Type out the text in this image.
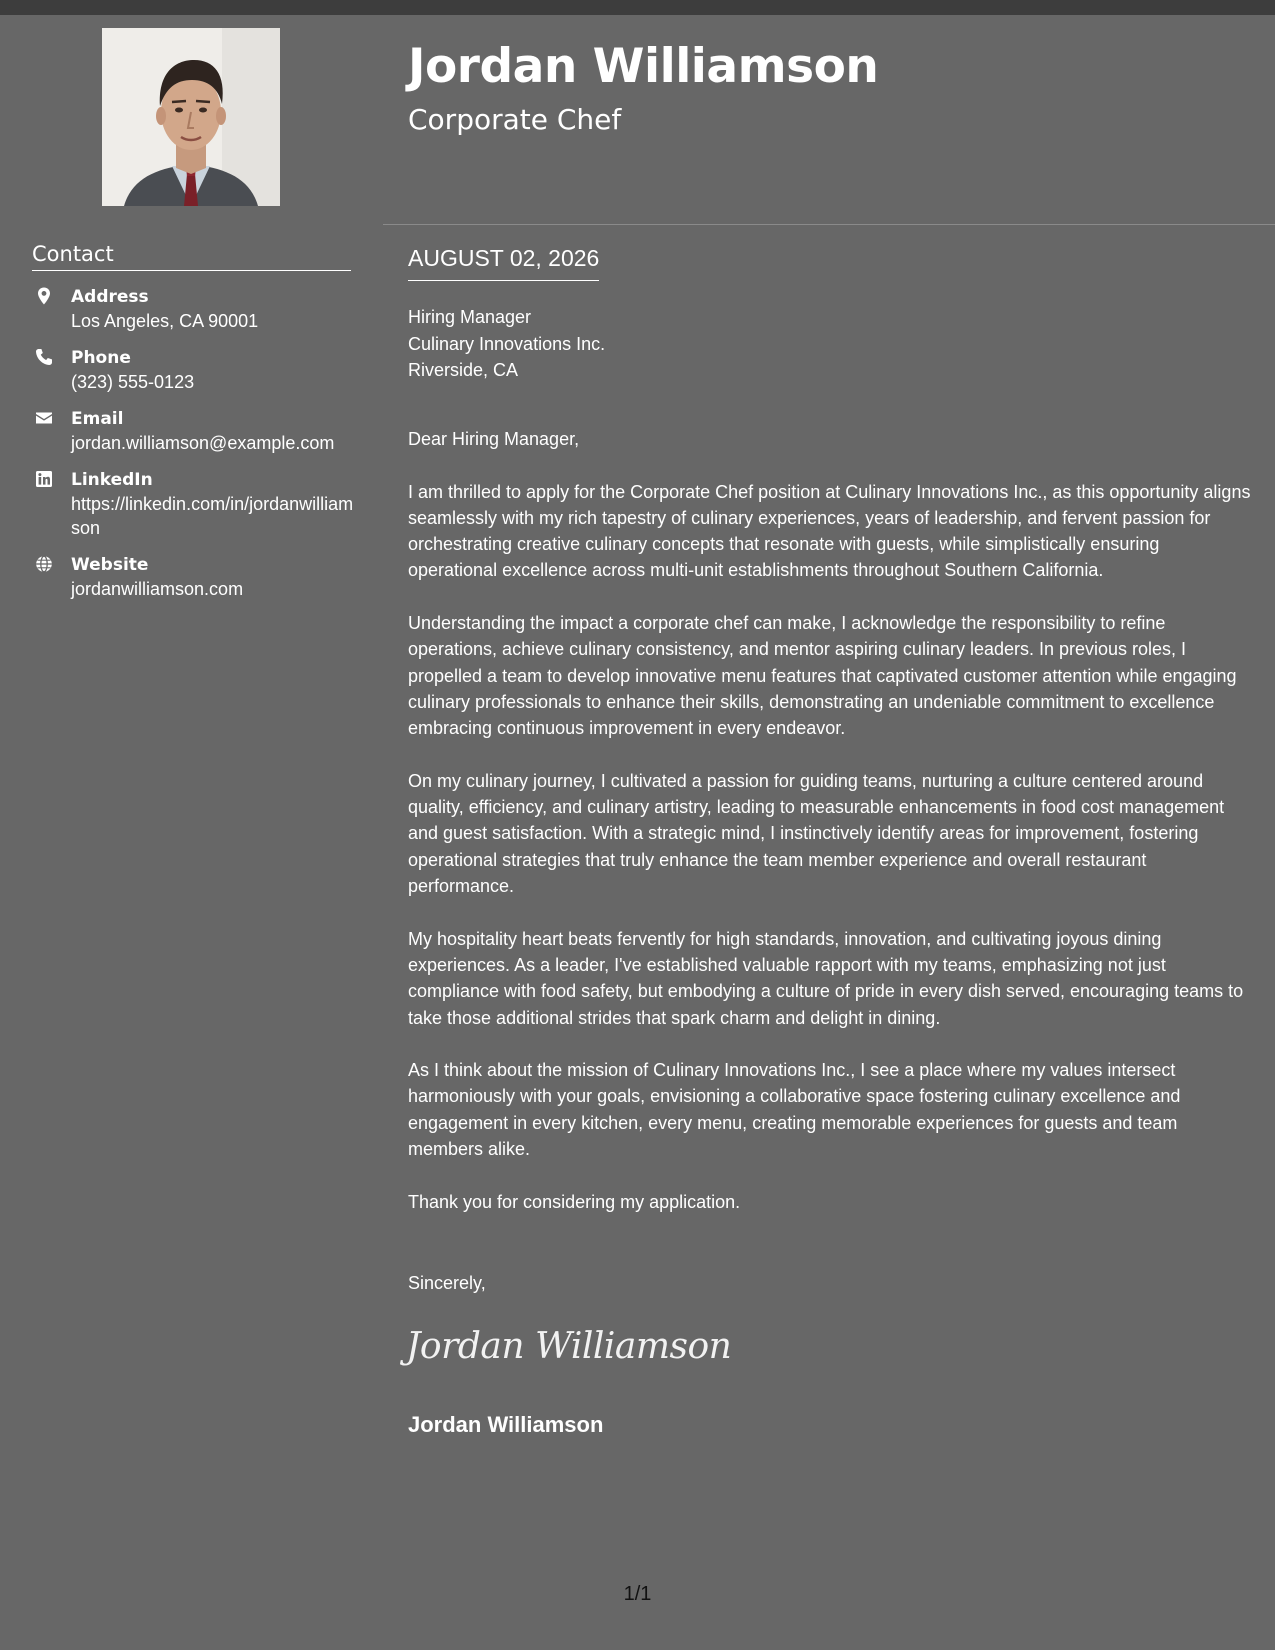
Jordan Williamson
Corporate Chef
Contact
Address
Los Angeles, CA 90001
Phone
(323) 555-0123
Email
jordan.williamson@example.com
LinkedIn
https://linkedin.com/in/jordanwilliamson
Website
jordanwilliamson.com
AUGUST 02, 2026
Hiring Manager
Culinary Innovations Inc.
Riverside, CA
Dear Hiring Manager,

I am thrilled to apply for the Corporate Chef position at Culinary Innovations Inc., as this opportunity aligns seamlessly with my rich tapestry of culinary experiences, years of leadership, and fervent passion for orchestrating creative culinary concepts that resonate with guests, while simplistically ensuring operational excellence across multi-unit establishments throughout Southern California.

Understanding the impact a corporate chef can make, I acknowledge the responsibility to refine operations, achieve culinary consistency, and mentor aspiring culinary leaders. In previous roles, I propelled a team to develop innovative menu features that captivated customer attention while engaging culinary professionals to enhance their skills, demonstrating an undeniable commitment to excellence embracing continuous improvement in every endeavor.

On my culinary journey, I cultivated a passion for guiding teams, nurturing a culture centered around quality, efficiency, and culinary artistry, leading to measurable enhancements in food cost management and guest satisfaction. With a strategic mind, I instinctively identify areas for improvement, fostering operational strategies that truly enhance the team member experience and overall restaurant performance.

My hospitality heart beats fervently for high standards, innovation, and cultivating joyous dining experiences. As a leader, I've established valuable rapport with my teams, emphasizing not just compliance with food safety, but embodying a culture of pride in every dish served, encouraging teams to take those additional strides that spark charm and delight in dining.

As I think about the mission of Culinary Innovations Inc., I see a place where my values intersect harmoniously with your goals, envisioning a collaborative space fostering culinary excellence and engagement in every kitchen, every menu, creating memorable experiences for guests and team members alike.

Thank you for considering my application.

Sincerely,
Jordan Williamson
Jordan Williamson
1/1
